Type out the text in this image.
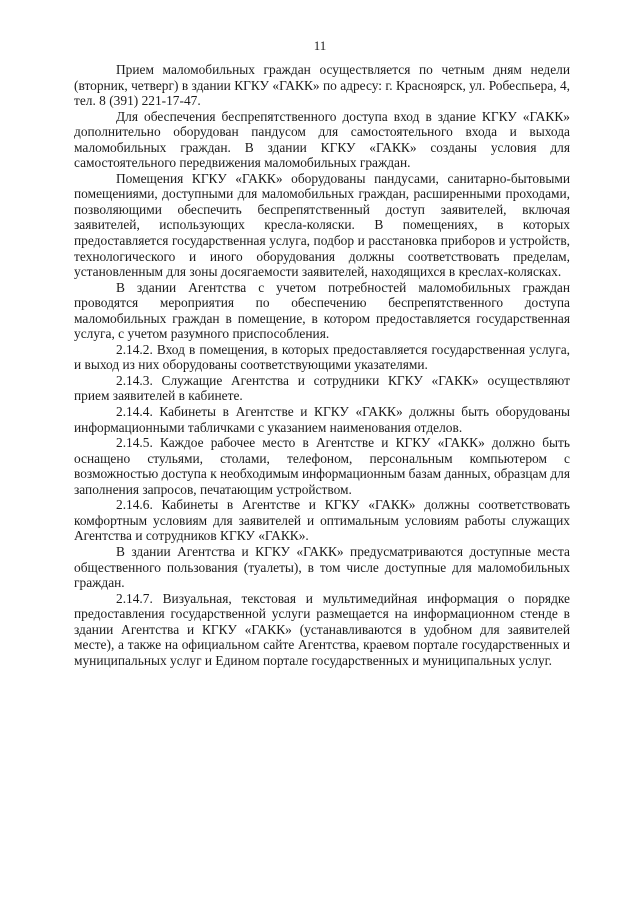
11

Прием маломобильных граждан осуществляется по четным дням недели (вторник, четверг) в здании КГКУ «ГАКК» по адресу: г. Красноярск, ул. Робеспьера, 4, тел. 8 (391) 221-17-47.

Для обеспечения беспрепятственного доступа вход в здание КГКУ «ГАКК» дополнительно оборудован пандусом для самостоятельного входа и выхода маломобильных граждан. В здании КГКУ «ГАКК» созданы условия для самостоятельного передвижения маломобильных граждан.

Помещения КГКУ «ГАКК» оборудованы пандусами, санитарно-бытовыми помещениями, доступными для маломобильных граждан, расширенными проходами, позволяющими обеспечить беспрепятственный доступ заявителей, включая заявителей, использующих кресла-коляски. В помещениях, в которых предоставляется государственная услуга, подбор и расстановка приборов и устройств, технологического и иного оборудования должны соответствовать пределам, установленным для зоны досягаемости заявителей, находящихся в креслах-колясках.

В здании Агентства с учетом потребностей маломобильных граждан проводятся мероприятия по обеспечению беспрепятственного доступа маломобильных граждан в помещение, в котором предоставляется государственная услуга, с учетом разумного приспособления.

2.14.2. Вход в помещения, в которых предоставляется государственная услуга, и выход из них оборудованы соответствующими указателями.

2.14.3. Служащие Агентства и сотрудники КГКУ «ГАКК» осуществляют прием заявителей в кабинете.

2.14.4. Кабинеты в Агентстве и КГКУ «ГАКК» должны быть оборудованы информационными табличками с указанием наименования отделов.

2.14.5. Каждое рабочее место в Агентстве и КГКУ «ГАКК» должно быть оснащено стульями, столами, телефоном, персональным компьютером с возможностью доступа к необходимым информационным базам данных, образцам для заполнения запросов, печатающим устройством.

2.14.6. Кабинеты в Агентстве и КГКУ «ГАКК» должны соответствовать комфортным условиям для заявителей и оптимальным условиям работы служащих Агентства и сотрудников КГКУ «ГАКК».

В здании Агентства и КГКУ «ГАКК» предусматриваются доступные места общественного пользования (туалеты), в том числе доступные для маломобильных граждан.

2.14.7. Визуальная, текстовая и мультимедийная информация о порядке предоставления государственной услуги размещается на информационном стенде в здании Агентства и КГКУ «ГАКК» (устанавливаются в удобном для заявителей месте), а также на официальном сайте Агентства, краевом портале государственных и муниципальных услуг и Едином портале государственных и муниципальных услуг.
